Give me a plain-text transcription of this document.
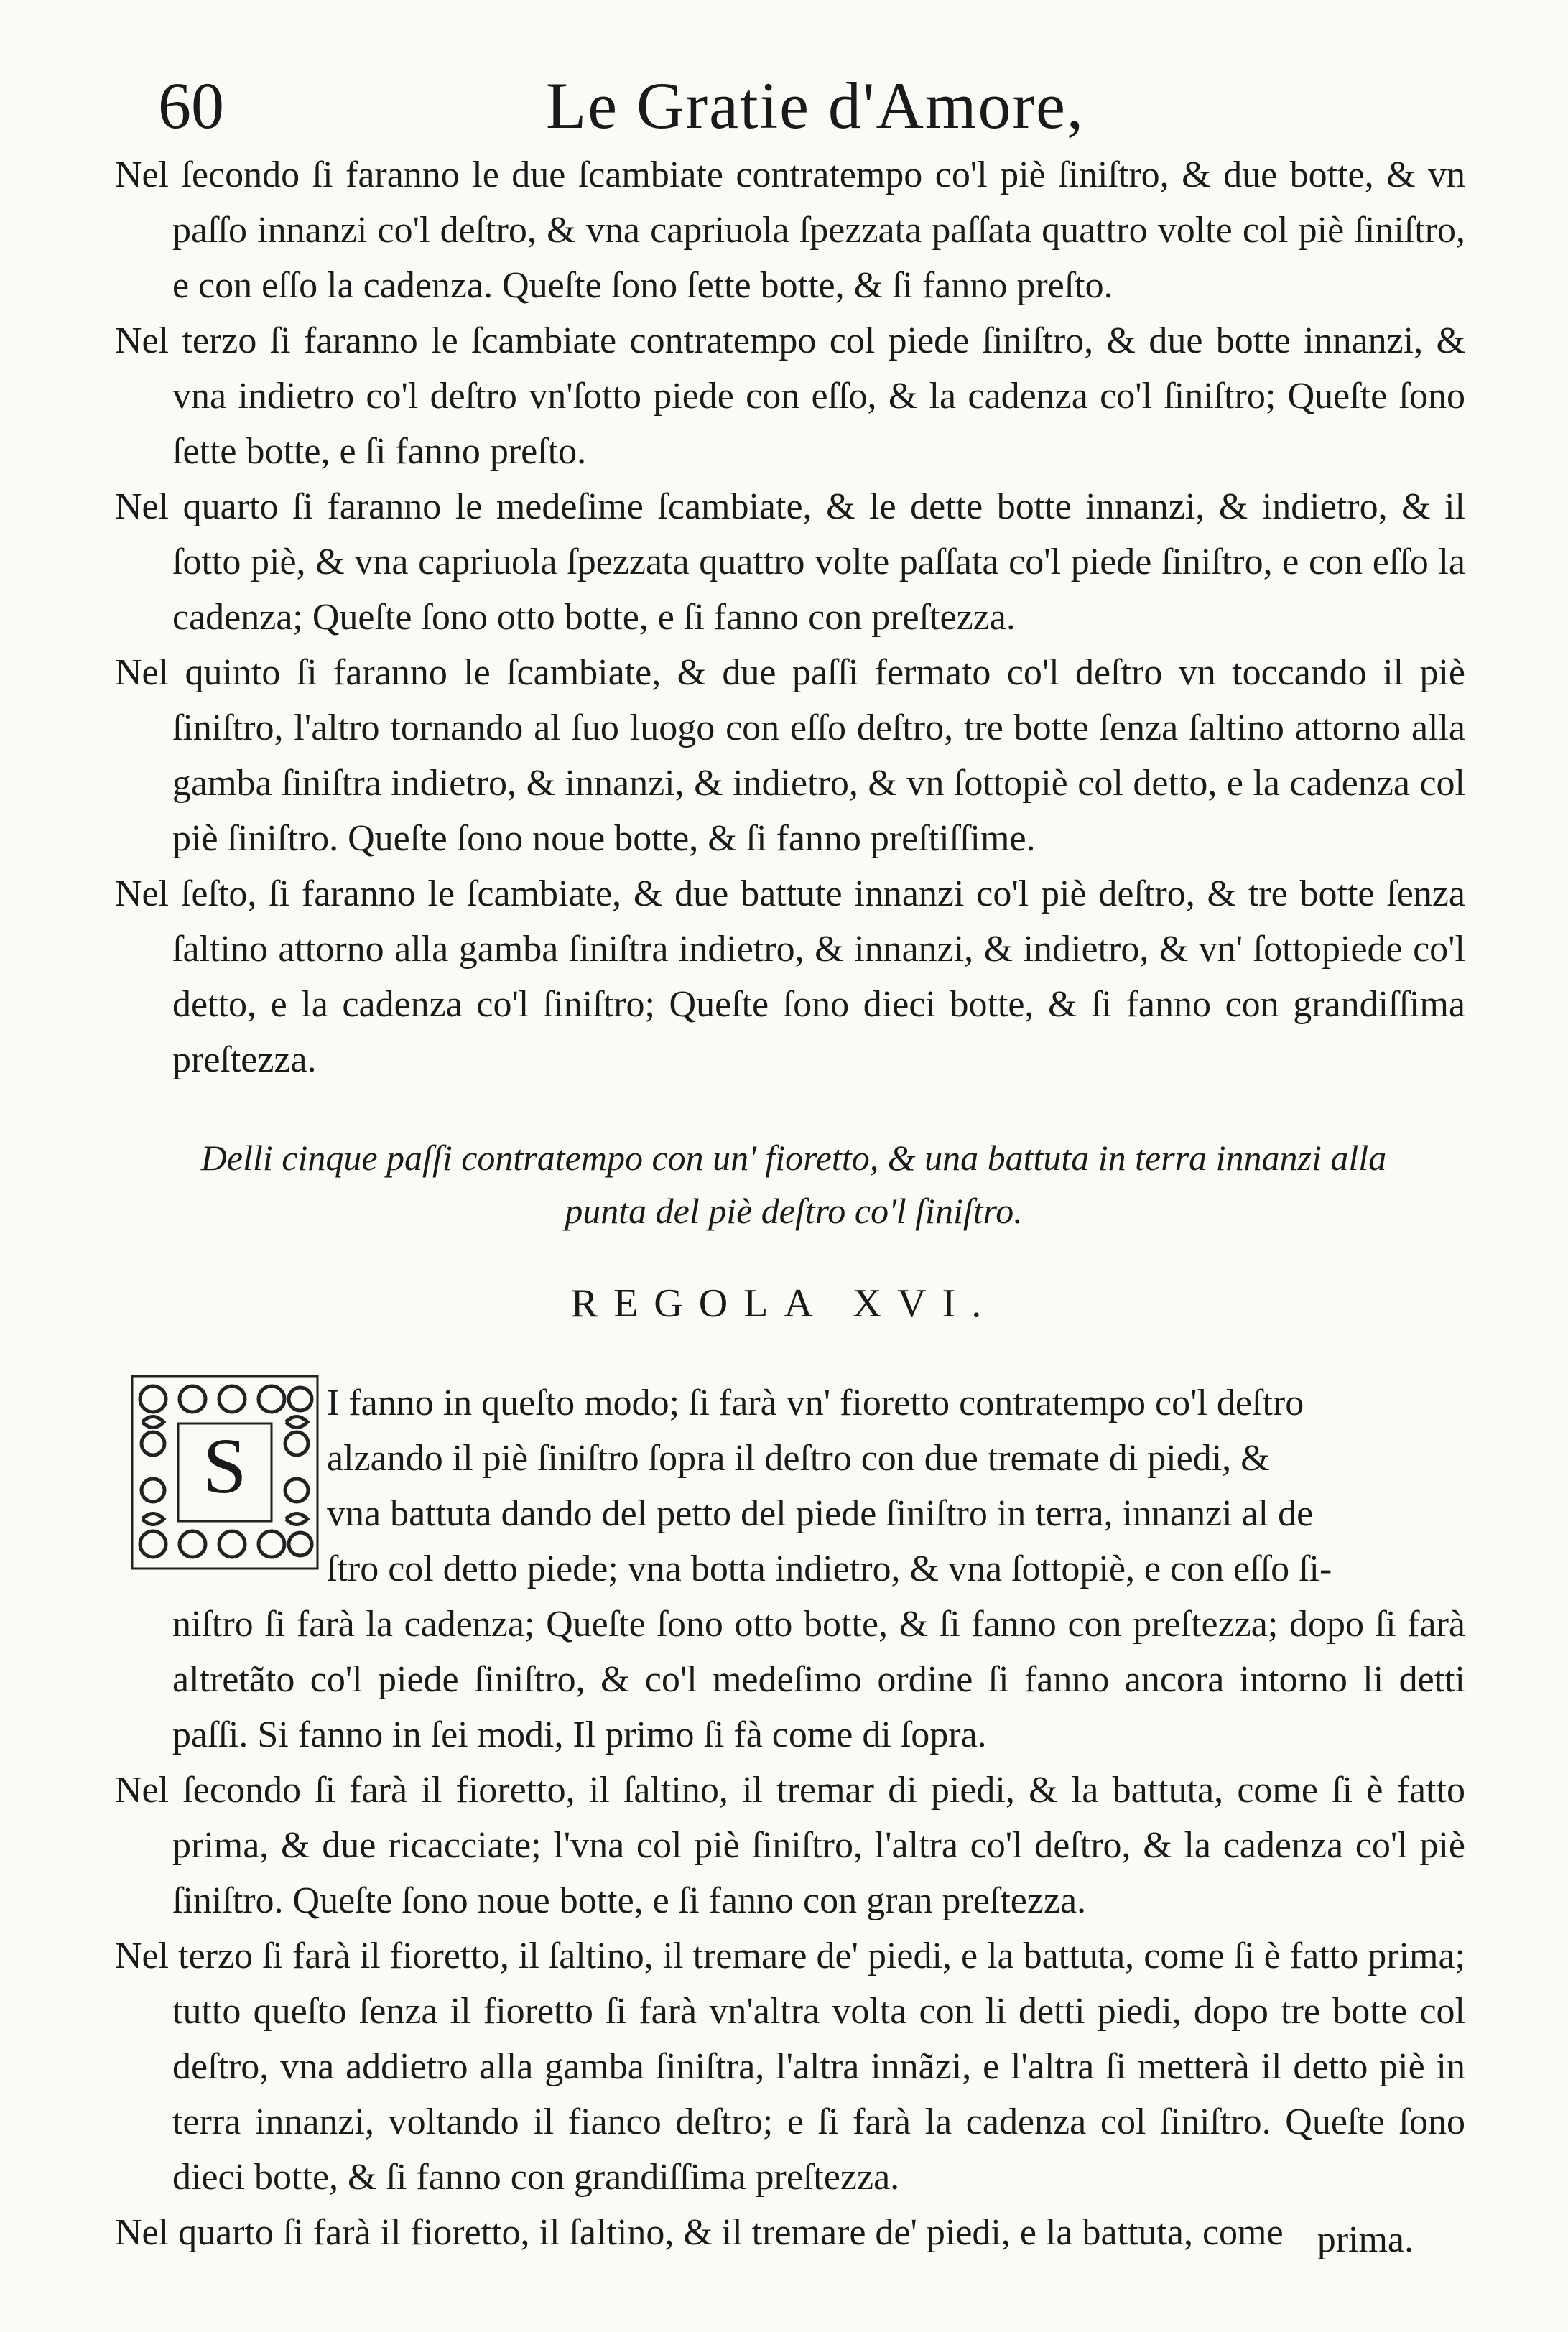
60	Le Gratie d'Amore,

Nel ſecondo ſi faranno le due ſcambiate contratempo co'l piè ſiniſtro, & due botte, & vn paſſo innanzi co'l deſtro, & vna capriuola ſpezzata paſſata quattro volte col piè ſiniſtro, e con eſſo la cadenza. Queſte ſono ſette botte, & ſi fanno preſto.

Nel terzo ſi faranno le ſcambiate contratempo col piede ſiniſtro, & due botte innanzi, & vna indietro co'l deſtro vn'ſotto piede con eſſo, & la cadenza co'l ſiniſtro; Queſte ſono ſette botte, e ſi fanno preſto.

Nel quarto ſi faranno le medeſime ſcambiate, & le dette botte innanzi, & indietro, & il ſotto piè, & vna capriuola ſpezzata quattro volte paſſata co'l piede ſiniſtro, e con eſſo la cadenza; Queſte ſono otto botte, e ſi fanno con preſtezza.

Nel quinto ſi faranno le ſcambiate, & due paſſi fermato co'l deſtro vn toccando il piè ſiniſtro, l'altro tornando al ſuo luogo con eſſo deſtro, tre botte ſenza ſaltino attorno alla gamba ſiniſtra indietro, & innanzi, & indietro, & vn ſottopiè col detto, e la cadenza col piè ſiniſtro. Queſte ſono noue botte, & ſi fanno preſtiſſime.

Nel ſeſto, ſi faranno le ſcambiate, & due battute innanzi co'l piè deſtro, & tre botte ſenza ſaltino attorno alla gamba ſiniſtra indietro, & innanzi, & indietro, & vn' ſottopiede co'l detto, e la cadenza co'l ſiniſtro; Queſte ſono dieci botte, & ſi fanno con grandiſſima preſtezza.

Delli cinque paſſi contratempo con un' fioretto, & una battuta in terra innanzi alla
punta del piè deſtro co'l ſiniſtro.
REGOLA XVI.
S

I fanno in queſto modo; ſi farà vn' fioretto contratempo co'l deſtro

alzando il piè ſiniſtro ſopra il deſtro con due tremate di piedi, &

vna battuta dando del petto del piede ſiniſtro in terra, innanzi al de

ſtro col detto piede; vna botta indietro, & vna ſottopiè, e con eſſo ſi-

niſtro ſi farà la cadenza; Queſte ſono otto botte, & ſi fanno con preſtezza; dopo ſi farà altretãto co'l piede ſiniſtro, & co'l medeſimo ordine ſi fanno ancora intorno li detti paſſi. Si fanno in ſei modi, Il primo ſi fà come di ſopra.

Nel ſecondo ſi farà il fioretto, il ſaltino, il tremar di piedi, & la battuta, come ſi è fatto prima, & due ricacciate; l'vna col piè ſiniſtro, l'altra co'l deſtro, & la cadenza co'l piè ſiniſtro. Queſte ſono noue botte, e ſi fanno con gran preſtezza.

Nel terzo ſi farà il fioretto, il ſaltino, il tremare de' piedi, e la battuta, come ſi è fatto prima; tutto queſto ſenza il fioretto ſi farà vn'altra volta con li detti piedi, dopo tre botte col deſtro, vna addietro alla gamba ſiniſtra, l'altra innãzi, e l'altra ſi metterà il detto piè in terra innanzi, voltando il fianco deſtro; e ſi farà la cadenza col ſiniſtro. Queſte ſono dieci botte, & ſi fanno con grandiſſima preſtezza.

Nel quarto ſi farà il fioretto, il ſaltino, & il tremare de' piedi, e la battuta, come prima.
